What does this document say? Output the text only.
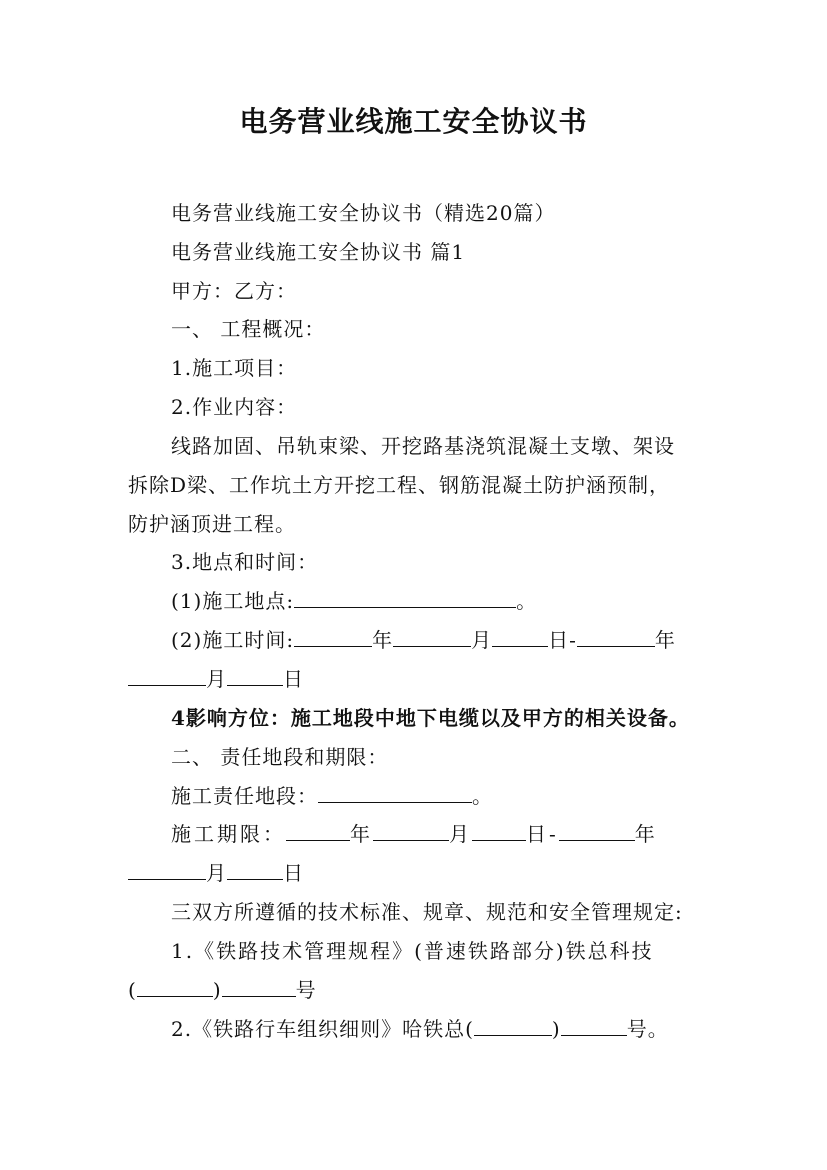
电务营业线施工安全协议书
电务营业线施工安全协议书（精选20篇）
电务营业线施工安全协议书 篇1
甲方：乙方：
一、 工程概况：
1.施工项目：
2.作业内容：
线路加固、吊轨束梁、开挖路基浇筑混凝土支墩、架设
拆除D梁、工作坑土方开挖工程、钢筋混凝土防护涵预制，
防护涵顶进工程。
3.地点和时间：
(1)施工地点:	。
(2)施工时间:	年	月	日-	年
月	日
4影响方位：施工地段中地下电缆以及甲方的相关设备。
二、 责任地段和期限：
施工责任地段：	。
施工期限：	年	月	日-	年
月	日
三双方所遵循的技术标准、规章、规范和安全管理规定:
1.《铁路技术管理规程》(普速铁路部分)铁总科技
(	)	号
2.《铁路行车组织细则》哈铁总(	)	号。
